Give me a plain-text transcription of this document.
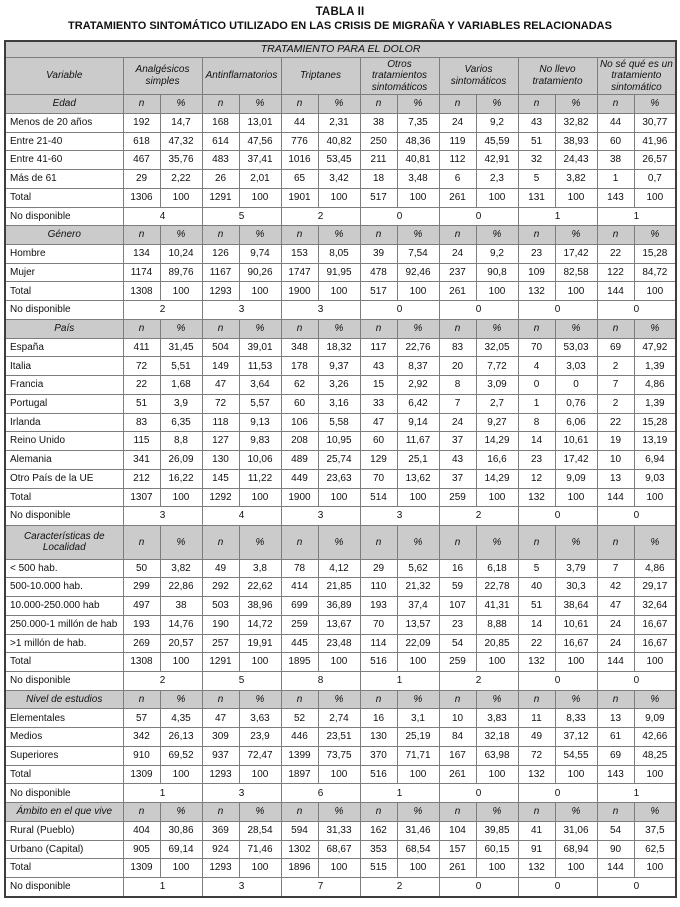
TABLA II
TRATAMIENTO SINTOMÁTICO UTILIZADO EN LAS CRISIS DE MIGRAÑA Y VARIABLES RELACIONADAS
TRATAMIENTO PARA EL DOLOR														
Variable	Analgésicos simples		Antinflamatorios		Triptanes		Otros tratamientos sintomáticos		Varios sintomáticos		No llevo tratamiento		No sé qué es un tratamiento sintomático	
Edad	n	%	n	%	n	%	n	%	n	%	n	%	n	%
Menos de 20 años	192	14,7	168	13,01	44	2,31	38	7,35	24	9,2	43	32,82	44	30,77
Entre 21-40	618	47,32	614	47,56	776	40,82	250	48,36	119	45,59	51	38,93	60	41,96
Entre 41-60	467	35,76	483	37,41	1016	53,45	211	40,81	112	42,91	32	24,43	38	26,57
Más de 61	29	2,22	26	2,01	65	3,42	18	3,48	6	2,3	5	3,82	1	0,7
Total	1306	100	1291	100	1901	100	517	100	261	100	131	100	143	100
No disponible	4		5		2		0		0		1		1	
Género	n	%	n	%	n	%	n	%	n	%	n	%	n	%
Hombre	134	10,24	126	9,74	153	8,05	39	7,54	24	9,2	23	17,42	22	15,28
Mujer	1174	89,76	1167	90,26	1747	91,95	478	92,46	237	90,8	109	82,58	122	84,72
Total	1308	100	1293	100	1900	100	517	100	261	100	132	100	144	100
No disponible	2		3		3		0		0		0		0	
País	n	%	n	%	n	%	n	%	n	%	n	%	n	%
España	411	31,45	504	39,01	348	18,32	117	22,76	83	32,05	70	53,03	69	47,92
Italia	72	5,51	149	11,53	178	9,37	43	8,37	20	7,72	4	3,03	2	1,39
Francia	22	1,68	47	3,64	62	3,26	15	2,92	8	3,09	0	0	7	4,86
Portugal	51	3,9	72	5,57	60	3,16	33	6,42	7	2,7	1	0,76	2	1,39
Irlanda	83	6,35	118	9,13	106	5,58	47	9,14	24	9,27	8	6,06	22	15,28
Reino Unido	115	8,8	127	9,83	208	10,95	60	11,67	37	14,29	14	10,61	19	13,19
Alemania	341	26,09	130	10,06	489	25,74	129	25,1	43	16,6	23	17,42	10	6,94
Otro País de la UE	212	16,22	145	11,22	449	23,63	70	13,62	37	14,29	12	9,09	13	9,03
Total	1307	100	1292	100	1900	100	514	100	259	100	132	100	144	100
No disponible	3		4		3		3		2		0		0	
Características de Localidad	n	%	n	%	n	%	n	%	n	%	n	%	n	%
< 500 hab.	50	3,82	49	3,8	78	4,12	29	5,62	16	6,18	5	3,79	7	4,86
500-10.000 hab.	299	22,86	292	22,62	414	21,85	110	21,32	59	22,78	40	30,3	42	29,17
10.000-250.000 hab	497	38	503	38,96	699	36,89	193	37,4	107	41,31	51	38,64	47	32,64
250.000-1 millón de hab	193	14,76	190	14,72	259	13,67	70	13,57	23	8,88	14	10,61	24	16,67
>1 millón de hab.	269	20,57	257	19,91	445	23,48	114	22,09	54	20,85	22	16,67	24	16,67
Total	1308	100	1291	100	1895	100	516	100	259	100	132	100	144	100
No disponible	2		5		8		1		2		0		0	
Nivel de estudios	n	%	n	%	n	%	n	%	n	%	n	%	n	%
Elementales	57	4,35	47	3,63	52	2,74	16	3,1	10	3,83	11	8,33	13	9,09
Medios	342	26,13	309	23,9	446	23,51	130	25,19	84	32,18	49	37,12	61	42,66
Superiores	910	69,52	937	72,47	1399	73,75	370	71,71	167	63,98	72	54,55	69	48,25
Total	1309	100	1293	100	1897	100	516	100	261	100	132	100	143	100
No disponible	1		3		6		1		0		0		1	
Ámbito en el que vive	n	%	n	%	n	%	n	%	n	%	n	%	n	%
Rural (Pueblo)	404	30,86	369	28,54	594	31,33	162	31,46	104	39,85	41	31,06	54	37,5
Urbano (Capital)	905	69,14	924	71,46	1302	68,67	353	68,54	157	60,15	91	68,94	90	62,5
Total	1309	100	1293	100	1896	100	515	100	261	100	132	100	144	100
No disponible	1		3		7		2		0		0		0	
